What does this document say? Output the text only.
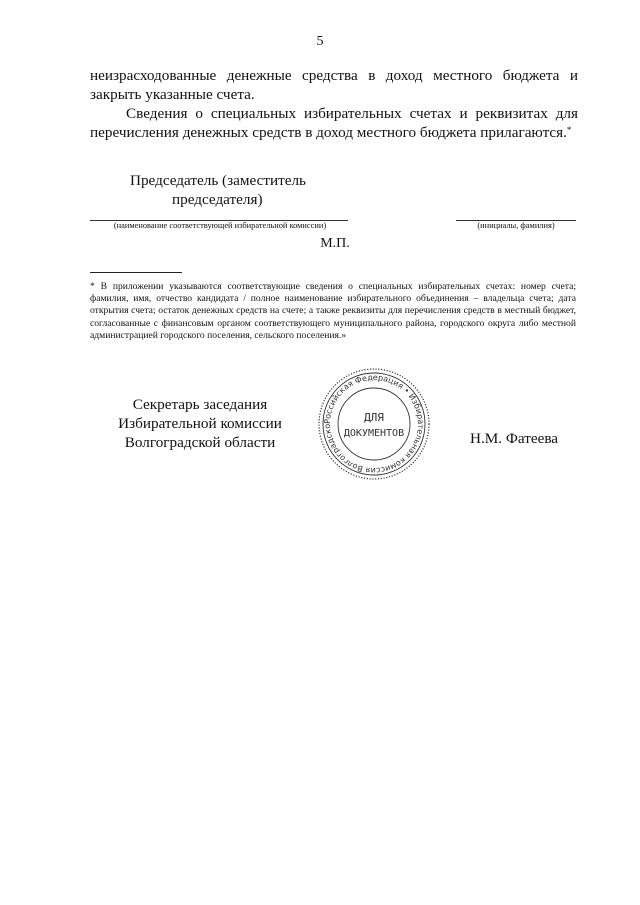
5
неизрасходованные денежные средства в доход местного бюджета и закрыть указанные счета.
Сведения о специальных избирательных счетах и реквизитах для перечисления денежных средств в доход местного бюджета прилагаются.*
Председатель (заместитель
председателя)
(наименование соответствующей избирательной комиссии)	(инициалы, фамилия)
М.П.
* В приложении указываются соответствующие сведения о специальных избирательных счетах: номер счета; фамилия, имя, отчество кандидата / полное наименование избирательного объединения – владельца счета; дата открытия счета; остаток денежных средств на счете; а также реквизиты для перечисления средств в местный бюджет, согласованные с финансовым органом соответствующего муниципального района, городского округа либо местной администрацией городского поселения, сельского поселения.»
Секретарь заседания
Избирательной комиссии
Волгоградской области
Российская Федерация • Избирательная комиссия Волгоградско
ДЛЯ
ДОКУМЕНТОВ	Н.М. Фатеева
